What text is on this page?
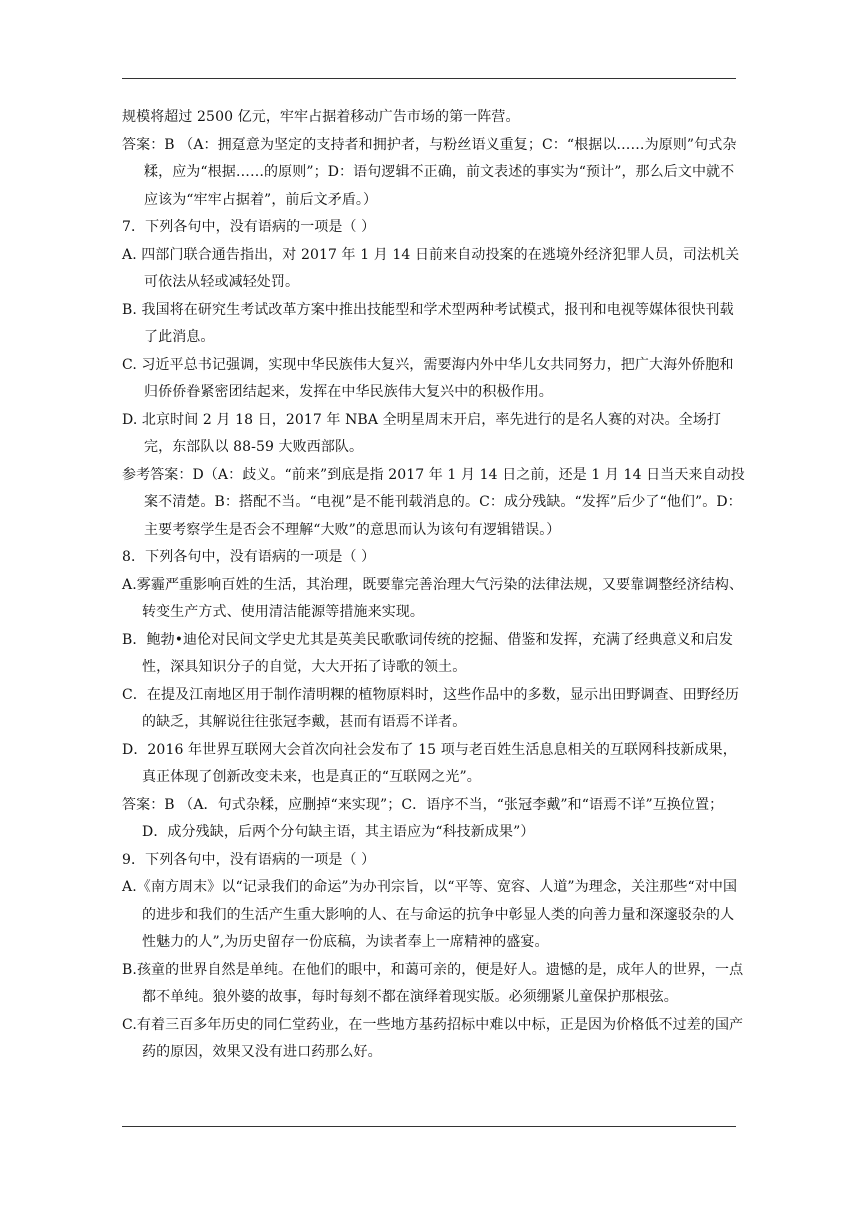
规模将超过 2500 亿元，牢牢占据着移动广告市场的第一阵营。

答案：B （A：拥趸意为坚定的支持者和拥护者，与粉丝语义重复；C：“根据以……为原则”句式杂糅，应为“根据……的原则”；D：语句逻辑不正确，前文表述的事实为“预计”，那么后文中就不应该为“牢牢占据着”，前后文矛盾。）

7．下列各句中，没有语病的一项是（ ）

A. 四部门联合通告指出，对 2017 年 1 月 14 日前来自动投案的在逃境外经济犯罪人员，司法机关可依法从轻或减轻处罚。

B. 我国将在研究生考试改革方案中推出技能型和学术型两种考试模式，报刊和电视等媒体很快刊载了此消息。

C. 习近平总书记强调，实现中华民族伟大复兴，需要海内外中华儿女共同努力，把广大海外侨胞和归侨侨眷紧密团结起来，发挥在中华民族伟大复兴中的积极作用。

D. 北京时间 2 月 18 日，2017 年 NBA 全明星周末开启，率先进行的是名人赛的对决。全场打完，东部队以 88-59 大败西部队。

参考答案：D（A：歧义。“前来”到底是指 2017 年 1 月 14 日之前，还是 1 月 14 日当天来自动投案不清楚。B：搭配不当。“电视”是不能刊载消息的。C：成分残缺。“发挥”后少了“他们”。D：主要考察学生是否会不理解“大败”的意思而认为该句有逻辑错误。）

8．下列各句中，没有语病的一项是（ ）

A.雾霾严重影响百姓的生活，其治理，既要靠完善治理大气污染的法律法规，又要靠调整经济结构、转变生产方式、使用清洁能源等措施来实现。

B．鲍勃•迪伦对民间文学史尤其是英美民歌歌词传统的挖掘、借鉴和发挥，充满了经典意义和启发性，深具知识分子的自觉，大大开拓了诗歌的领土。

C．在提及江南地区用于制作清明粿的植物原料时，这些作品中的多数，显示出田野调查、田野经历的缺乏，其解说往往张冠李戴，甚而有语焉不详者。

D．2016 年世界互联网大会首次向社会发布了 15 项与老百姓生活息息相关的互联网科技新成果，真正体现了创新改变未来，也是真正的“互联网之光”。

答案：B （A．句式杂糅，应删掉“来实现”；C．语序不当，“张冠李戴”和“语焉不详”互换位置；D．成分残缺，后两个分句缺主语，其主语应为“科技新成果”）

9．下列各句中，没有语病的一项是（ ）

A.《南方周末》以“记录我们的命运”为办刊宗旨，以“平等、宽容、人道”为理念，关注那些“对中国的进步和我们的生活产生重大影响的人、在与命运的抗争中彰显人类的向善力量和深邃驳杂的人性魅力的人”,为历史留存一份底稿，为读者奉上一席精神的盛宴。

B.孩童的世界自然是单纯。在他们的眼中，和蔼可亲的，便是好人。遗憾的是，成年人的世界，一点都不单纯。狼外婆的故事，每时每刻不都在演绎着现实版。必须绷紧儿童保护那根弦。

C.有着三百多年历史的同仁堂药业，在一些地方基药招标中难以中标，正是因为价格低不过差的国产药的原因，效果又没有进口药那么好。
